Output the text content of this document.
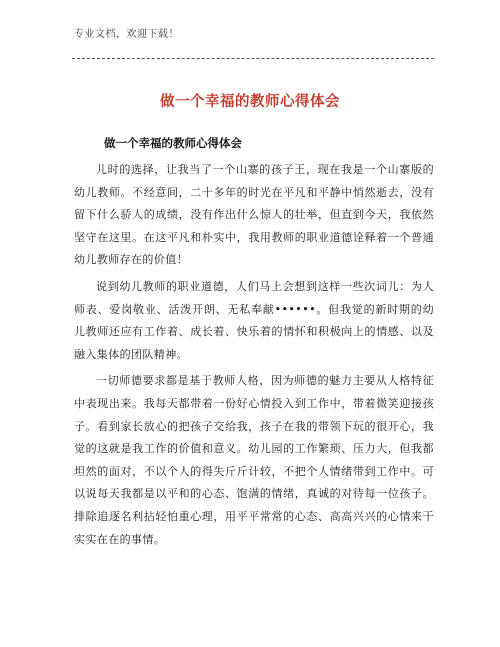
专业文档，欢迎下载！
做一个幸福的教师心得体会
做一个幸福的教师心得体会

儿时的选择，让我当了一个山寨的孩子王，现在我是一个山寨版的幼儿教师。不经意间，二十多年的时光在平凡和平静中悄然逝去，没有留下什么骄人的成绩，没有作出什么惊人的壮举，但直到今天，我依然坚守在这里。在这平凡和朴实中，我用教师的职业道德诠释着一个普通幼儿教师存在的价值！

说到幼儿教师的职业道德，人们马上会想到这样一些次词儿：为人师表、爱岗敬业、活泼开朗、无私奉献••••••。但我觉的新时期的幼儿教师还应有工作着、成长着、快乐着的情怀和积极向上的情感、以及融入集体的团队精神。

一切师德要求都是基于教师人格，因为师德的魅力主要从人格特征中表现出来。我每天都带着一份好心情投入到工作中，带着微笑迎接孩子。看到家长放心的把孩子交给我，孩子在我的带领下玩的很开心，我觉的这就是我工作的价值和意义。幼儿园的工作繁琐、压力大，但我都坦然的面对，不以个人的得失斤斤计较，不把个人情绪带到工作中。可以说每天我都是以平和的心态、饱满的情绪，真诚的对待每一位孩子。排除追逐名利拈轻怕重心理，用平平常常的心态、高高兴兴的心情来干实实在在的事情。
